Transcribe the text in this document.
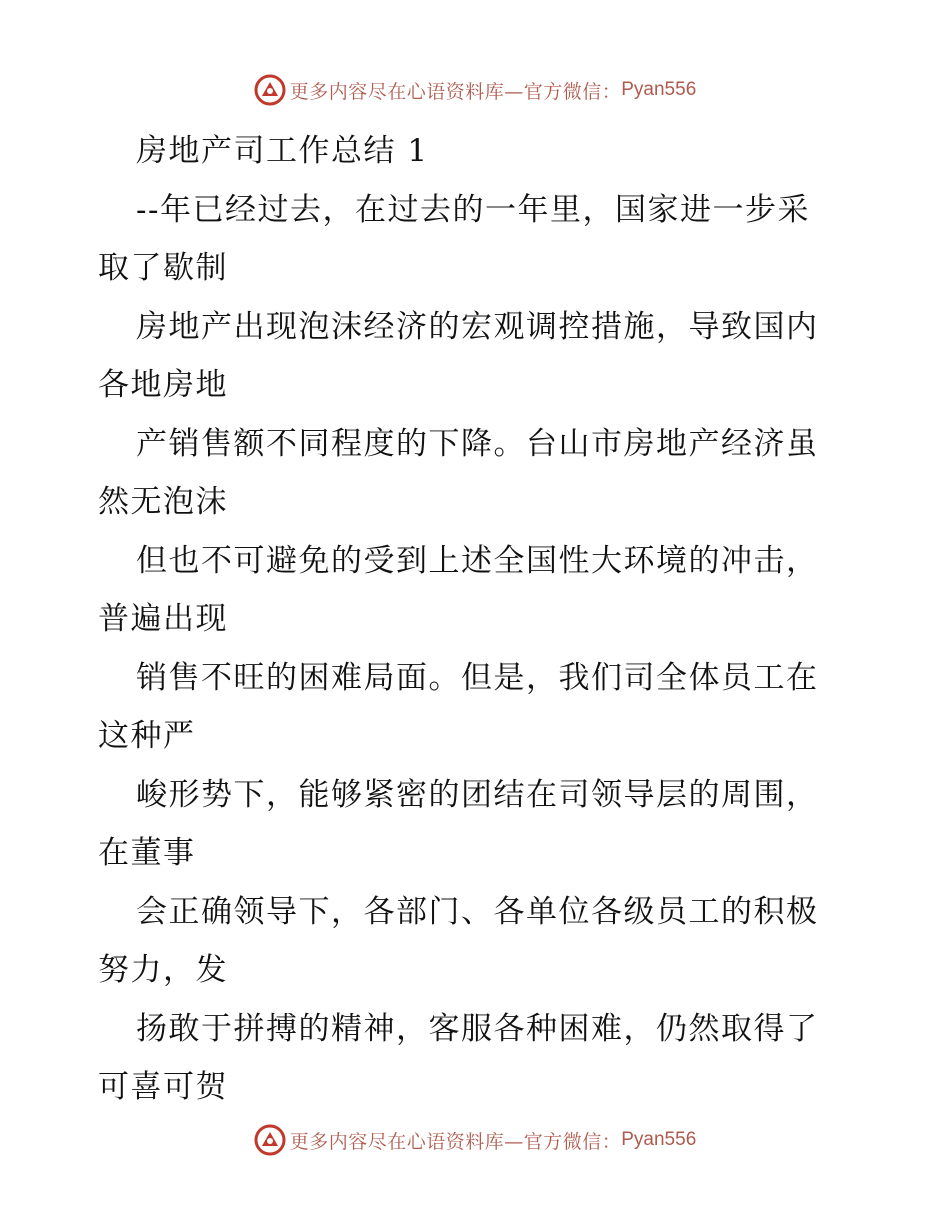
更多内容尽在心语资料库—官方微信： Pyan556
房地产司工作总结 1
--年已经过去，在过去的一年里，国家进一步采
取了歇制
房地产出现泡沫经济的宏观调控措施，导致国内
各地房地
产销售额不同程度的下降。台山市房地产经济虽
然无泡沫
但也不可避免的受到上述全国性大环境的冲击，
普遍出现
销售不旺的困难局面。但是，我们司全体员工在
这种严
峻形势下，能够紧密的团结在司领导层的周围，
在董事
会正确领导下，各部门、各单位各级员工的积极
努力，发
扬敢于拼搏的精神，客服各种困难，仍然取得了
可喜可贺
更多内容尽在心语资料库—官方微信： Pyan556
